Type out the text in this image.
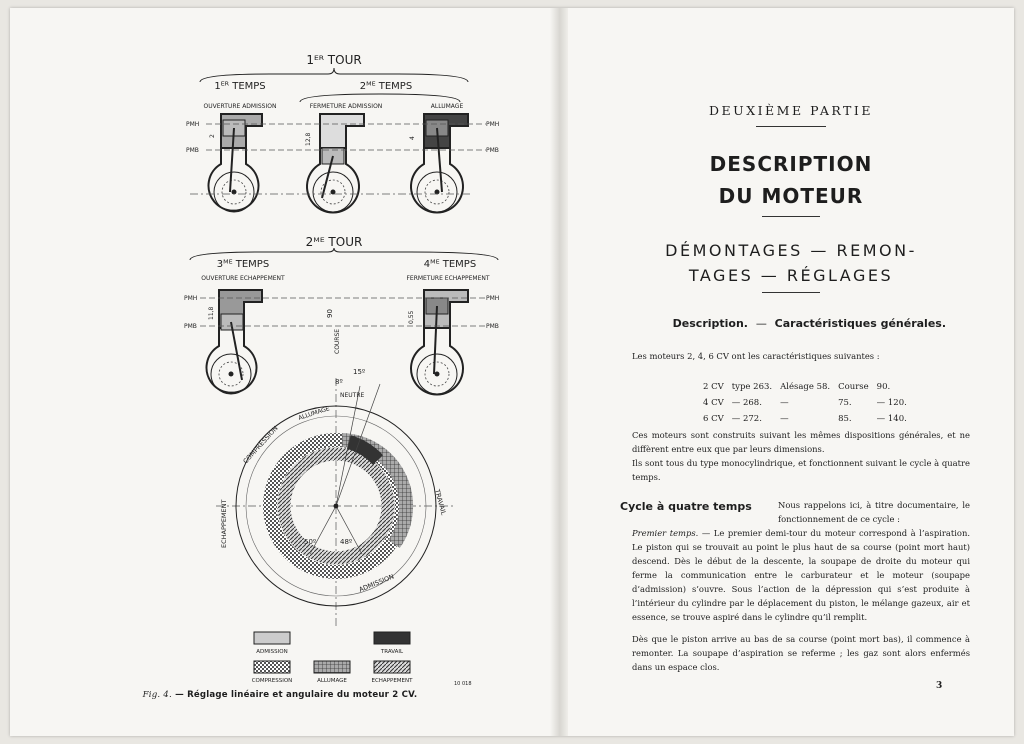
1ᴱᴿ TOUR
1ᴱᴿ TEMPS	2ᴹᴱ TEMPS
OUVERTURE ADMISSION	FERMETURE ADMISSION	ALLUMAGE
PMH
PMB
PMH
PMB
2	12,8	4
2ᴹᴱ TOUR
3ᴹᴱ TEMPS	4ᴹᴱ TEMPS
OUVERTURE ECHAPPEMENT	FERMETURE ECHAPPEMENT
PMH
PMB
PMH
PMB
11,8	0,55
COURSE
90
15º
8º
NEUTRE
ALLUMAGE
COMPRESSION
ECHAPPEMENT	TRAVAIL
ADMISSION
50º	48º
ADMISSION	TRAVAIL
COMPRESSION	ALLUMAGE	ECHAPPEMENT	10 018
Fig. 4. — Réglage linéaire et angulaire du moteur 2 CV.
DEUXIÈME PARTIE
DESCRIPTION
DU MOTEUR
DÉMONTAGES — REMON-
TAGES — RÉGLAGES
Description. — Caractéristiques générales.
Les moteurs 2, 4, 6 CV ont les caractéristiques suivantes :
2 CV	type 263.	Alésage 58.	Course	90.
4 CV	— 268.	—	75.	— 120.
6 CV	— 272.	—	85.	— 140.
Ces moteurs sont construits suivant les mêmes dispositions générales, et ne diffèrent entre eux que par leurs dimensions.
Ils sont tous du type monocylindrique, et fonctionnent suivant le cycle à quatre temps.
Cycle à quatre temps	Nous rappelons ici, à titre documentaire, le fonctionnement de ce cycle :
Premier temps. — Le premier demi-tour du moteur correspond à l’aspiration. Le piston qui se trouvait au point le plus haut de sa course (point mort haut) descend. Dès le début de la descente, la soupape de droite du moteur qui ferme la communication entre le carburateur et le moteur (soupape d’admission) s’ouvre. Sous l’action de la dépression qui s’est produite à l’intérieur du cylindre par le déplacement du piston, le mélange gazeux, air et essence, se trouve aspiré dans le cylindre qu’il remplit.
Dès que le piston arrive au bas de sa course (point mort bas), il commence à remonter. La soupape d’aspiration se referme ; les gaz sont alors enfermés dans un espace clos.
3
